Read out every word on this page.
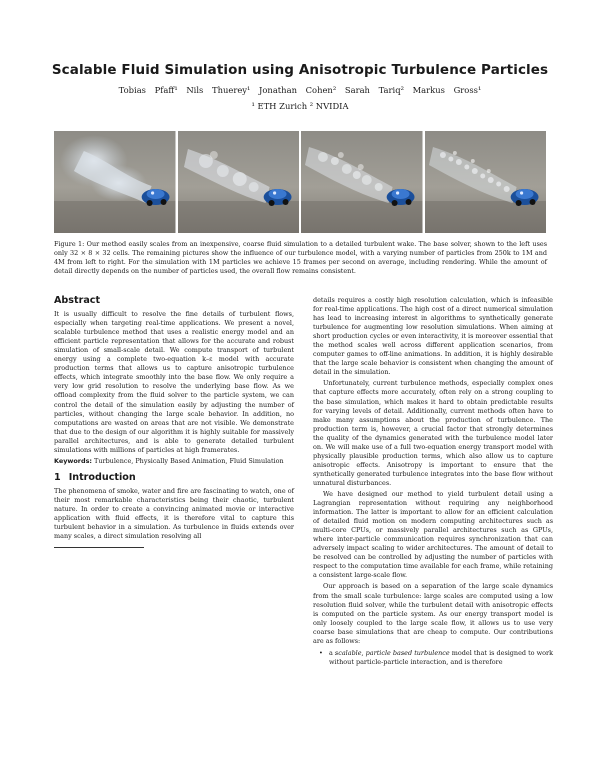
Scalable Fluid Simulation using Anisotropic Turbulence Particles
Tobias Pfaff¹ Nils Thuerey¹ Jonathan Cohen² Sarah Tariq² Markus Gross¹
¹ ETH Zurich ² NVIDIA
Figure 1: Our method easily scales from an inexpensive, coarse fluid simulation to a detailed turbulent wake. The base solver, shown to the left uses only 32 × 8 × 32 cells. The remaining pictures show the influence of our turbulence model, with a varying number of particles from 250k to 1M and 4M from left to right. For the simulation with 1M particles we achieve 15 frames per second on average, including rendering. While the amount of detail directly depends on the number of particles used, the overall flow remains consistent.
Abstract

It is usually difficult to resolve the fine details of turbulent flows, especially when targeting real-time applications. We present a novel, scalable turbulence method that uses a realistic energy model and an efficient particle representation that allows for the accurate and robust simulation of small-scale detail. We compute transport of turbulent energy using a complete two-equation k–ε model with accurate production terms that allows us to capture anisotropic turbulence effects, which integrate smoothly into the base flow. We only require a very low grid resolution to resolve the underlying base flow. As we offload complexity from the fluid solver to the particle system, we can control the detail of the simulation easily by adjusting the number of particles, without changing the large scale behavior. In addition, no computations are wasted on areas that are not visible. We demonstrate that due to the design of our algorithm it is highly suitable for massively parallel architectures, and is able to generate detailed turbulent simulations with millions of particles at high framerates.

Keywords: Turbulence, Physically Based Animation, Fluid Simulation

1 Introduction

The phenomena of smoke, water and fire are fascinating to watch, one of their most remarkable characteristics being their chaotic, turbulent nature. In order to create a convincing animated movie or interactive application with fluid effects, it is therefore vital to capture this turbulent behavior in a simulation. As turbulence in fluids extends over many scales, a direct simulation resolving all

details requires a costly high resolution calculation, which is infeasible for real-time applications. The high cost of a direct numerical simulation has lead to increasing interest in algorithms to synthetically generate turbulence for augmenting low resolution simulations. When aiming at short production cycles or even interactivity, it is moreover essential that the method scales well across different application scenarios, from computer games to off-line animations. In addition, it is highly desirable that the large scale behavior is consistent when changing the amount of detail in the simulation.

Unfortunately, current turbulence methods, especially complex ones that capture effects more accurately, often rely on a strong coupling to the base simulation, which makes it hard to obtain predictable results for varying levels of detail. Additionally, current methods often have to make many assumptions about the production of turbulence. The production term is, however, a crucial factor that strongly determines the quality of the dynamics generated with the turbulence model later on. We will make use of a full two-equation energy transport model with physically plausible production terms, which also allow us to capture anisotropic effects. Anisotropy is important to ensure that the synthetically generated turbulence integrates into the base flow without unnatural disturbances.

We have designed our method to yield turbulent detail using a Lagrangian representation without requiring any neighborhood information. The latter is important to allow for an efficient calculation of detailed fluid motion on modern computing architectures such as multi-core CPUs, or massively parallel architectures such as GPUs, where inter-particle communication requires synchronization that can adversely impact scaling to wider architectures. The amount of detail to be resolved can be controlled by adjusting the number of particles with respect to the computation time available for each frame, while retaining a consistent large-scale flow.

Our approach is based on a separation of the large scale dynamics from the small scale turbulence: large scales are computed using a low resolution fluid solver, while the turbulent detail with anisotropic effects is computed on the particle system. As our energy transport model is only loosely coupled to the large scale flow, it allows us to use very coarse base simulations that are cheap to compute. Our contributions are as follows:

• a scalable, particle based turbulence model that is designed to work without particle-particle interaction, and is therefore
